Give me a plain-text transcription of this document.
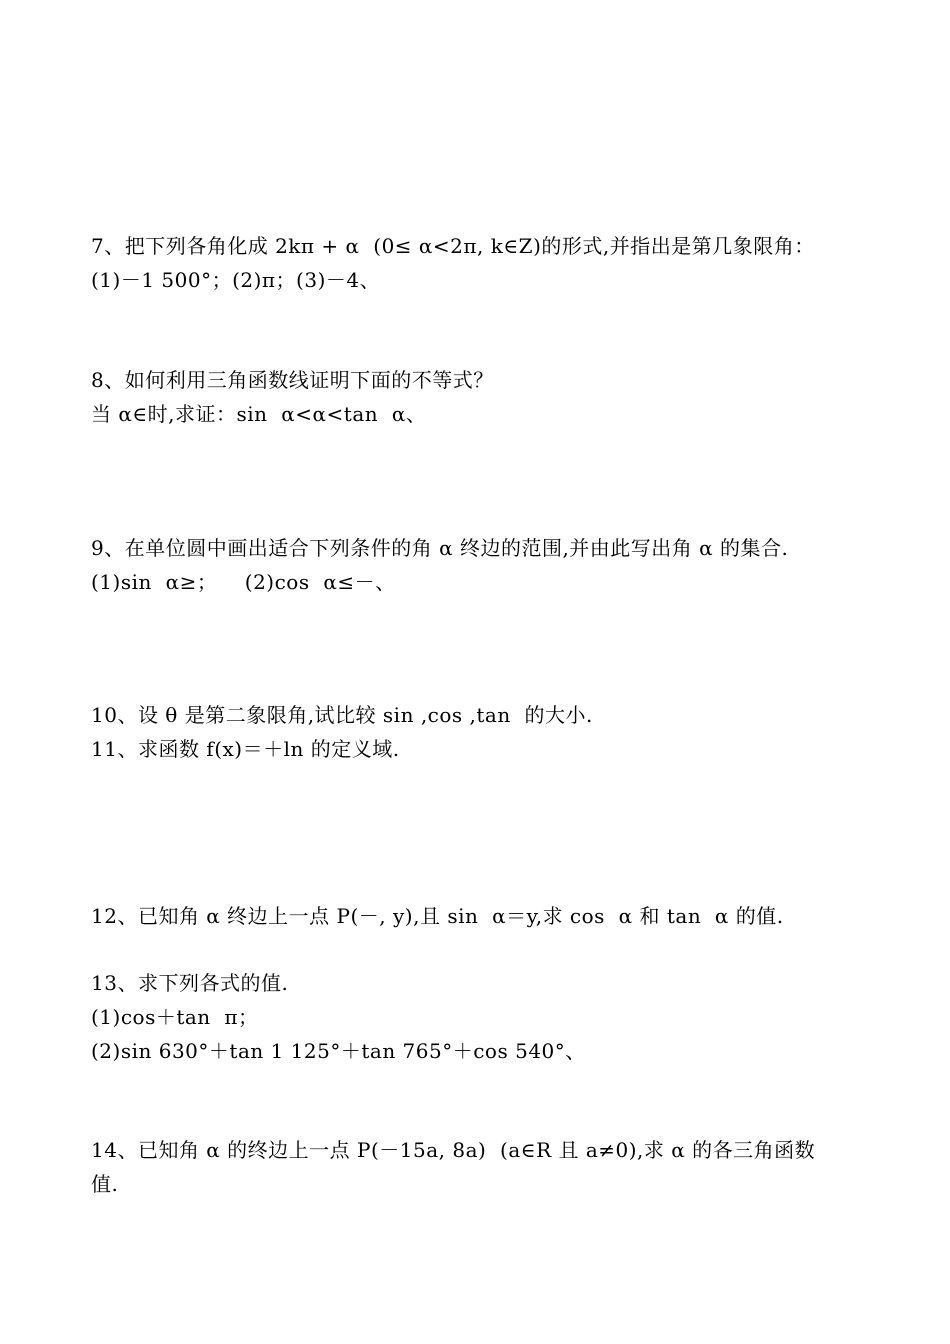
7、把下列各角化成 2kπ + α  (0≤ α<2π, k∈Z)的形式,并指出是第几象限角：
(1)－1 500°；(2)π；(3)－4、
8、如何利用三角函数线证明下面的不等式？
当 α∈时,求证：sin  α<α<tan  α、
9、在单位圆中画出适合下列条件的角 α 终边的范围,并由此写出角 α 的集合.
(1)sin  α≥；    (2)cos  α≤－、
10、设 θ 是第二象限角,试比较 sin ,cos ,tan  的大小.
11、求函数 f(x)＝＋ln 的定义域.
12、已知角 α 终边上一点 P(－, y),且 sin  α＝y,求 cos  α 和 tan  α 的值.
13、求下列各式的值.
(1)cos＋tan  π；
(2)sin 630°＋tan 1 125°＋tan 765°＋cos 540°、
14、已知角 α 的终边上一点 P(－15a, 8a)  (a∈R 且 a≠0),求 α 的各三角函数
值.
